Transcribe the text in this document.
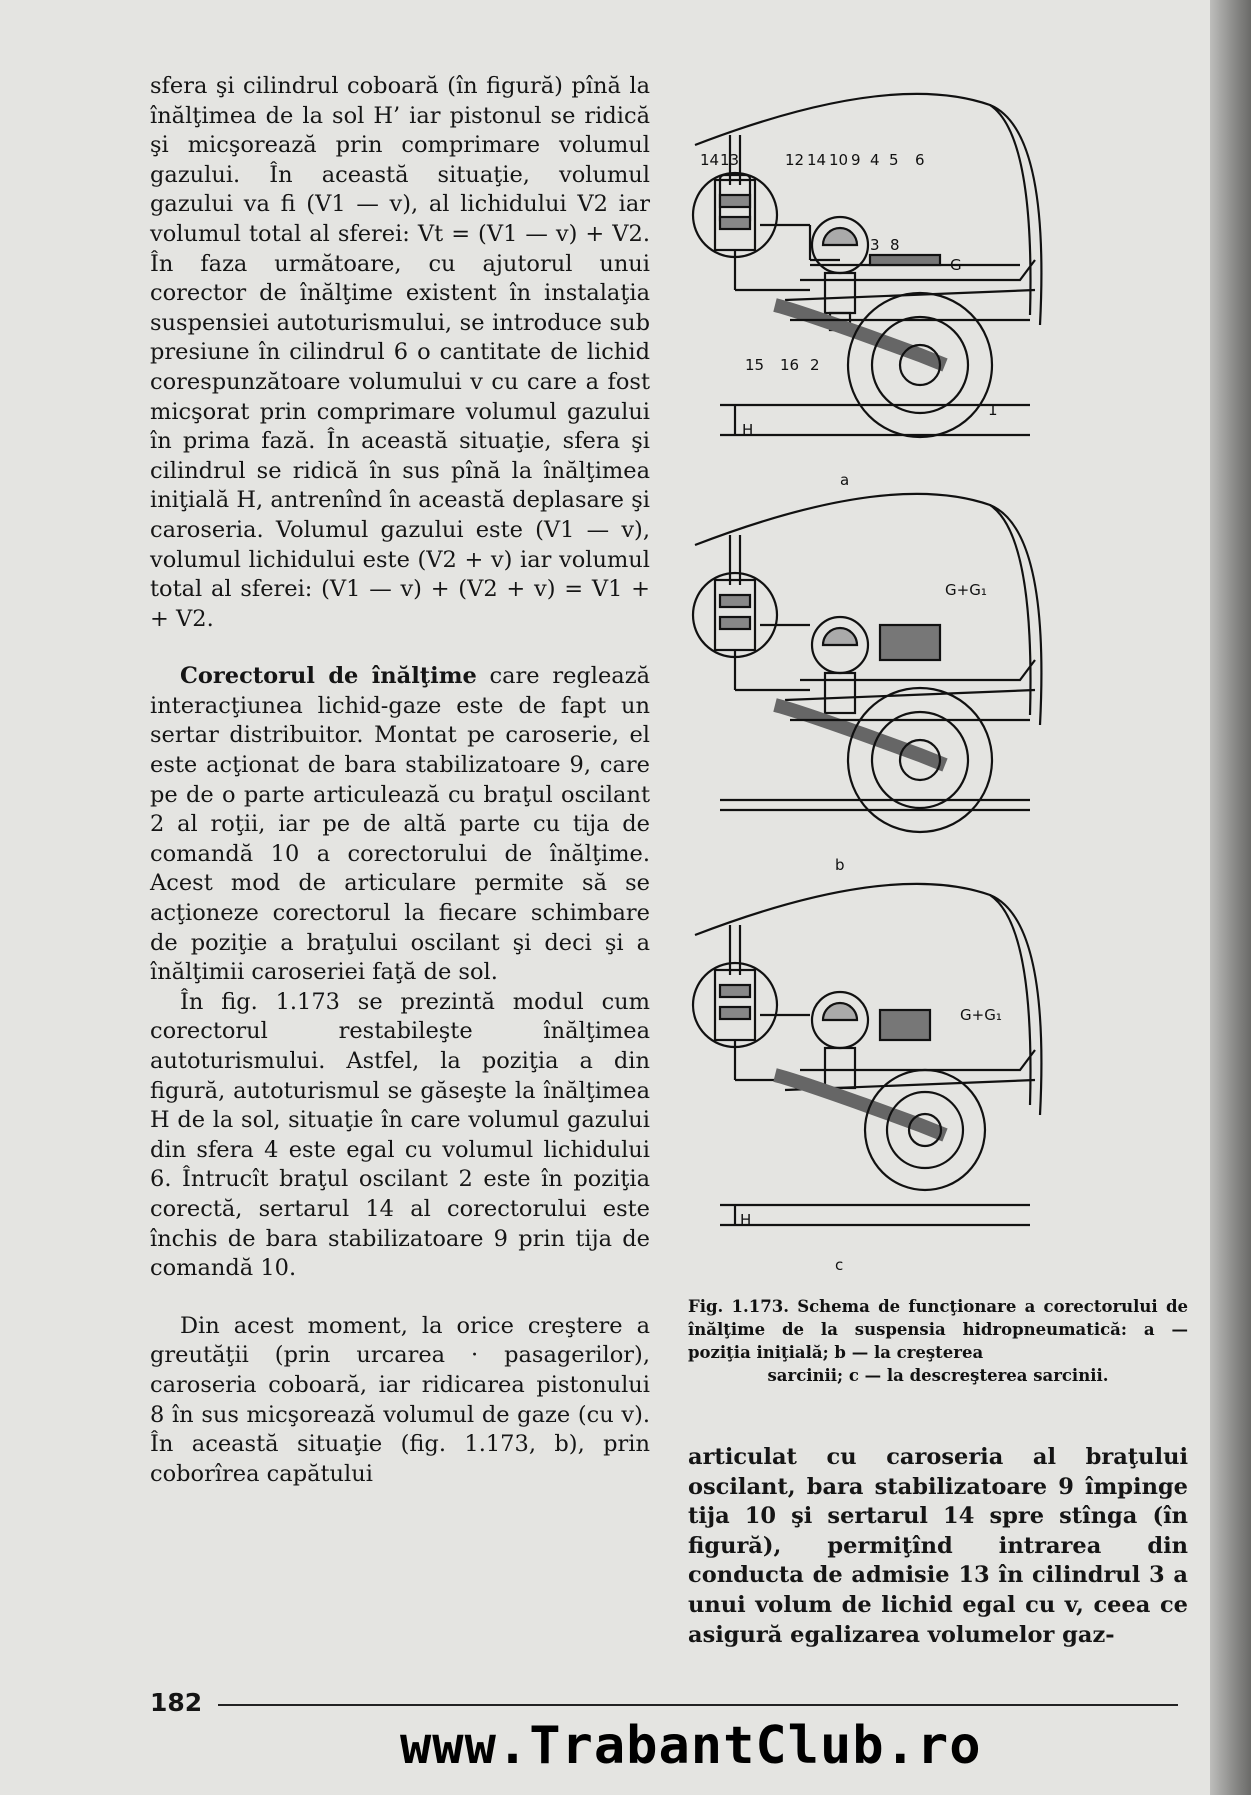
sfera şi cilindrul coboară (în figură) pînă la înălţimea de la sol H’ iar pistonul se ridică şi micşorează prin comprimare volumul gazului. În această situaţie, volumul gazului va fi (V1 — v), al lichidului V2 iar volumul total al sferei: Vt = (V1 — v) + V2. În faza următoare, cu ajutorul unui corector de înălţime existent în instalaţia suspensiei autoturismului, se introduce sub presiune în cilindrul 6 o cantitate de lichid corespunzătoare volumului v cu care a fost micşorat prin comprimare volumul gazului în prima fază. În această situaţie, sfera şi cilindrul se ridică în sus pînă la înălţimea iniţială H, antrenînd în această deplasare şi caroseria. Volumul gazului este (V1 — v), volumul lichidului este (V2 + v) iar volumul total al sferei: (V1 — v) + (V2 + v) = V1 + + V2.

Corectorul de înălţime care reglează interacţiunea lichid-gaze este de fapt un sertar distribuitor. Montat pe caroserie, el este acţionat de bara stabilizatoare 9, care pe de o parte articulează cu braţul oscilant 2 al roţii, iar pe de altă parte cu tija de comandă 10 a corectorului de înălţime. Acest mod de articulare permite să se acţioneze corectorul la fiecare schimbare de poziţie a braţului oscilant şi deci şi a înălţimii caroseriei faţă de sol.

În fig. 1.173 se prezintă modul cum corectorul restabileşte înălţimea autoturismului. Astfel, la poziţia a din figură, autoturismul se găseşte la înălţimea H de la sol, situaţie în care volumul gazului din sfera 4 este egal cu volumul lichidului 6. Întrucît braţul oscilant 2 este în poziţia corectă, sertarul 14 al corectorului este închis de bara stabilizatoare 9 prin tija de comandă 10.

Din acest moment, la orice creştere a greutăţii (prin urcarea · pasagerilor), caroseria coboară, iar ridicarea pistonului 8 în sus micşorează volumul de gaze (cu v). În această situaţie (fig. 1.173, b), prin coborîrea capătului

14 13	12 14 10 9 4 5 6
3 8
G
15 16 2
1
H
a
G+G₁
b
G+G₁
H
c
Fig. 1.173. Schema de funcţionare a corectorului de înălţime de la suspensia hidropneumatică: a — poziţia iniţială; b — la creşterea
sarcinii; c — la descreşterea sarcinii.
articulat cu caroseria al braţului oscilant, bara stabilizatoare 9 împinge tija 10 şi sertarul 14 spre stînga (în figură), permiţînd intrarea din conducta de admisie 13 în cilindrul 3 a unui volum de lichid egal cu v, ceea ce asigură egalizarea volumelor gaz-
182
www.TrabantClub.ro
